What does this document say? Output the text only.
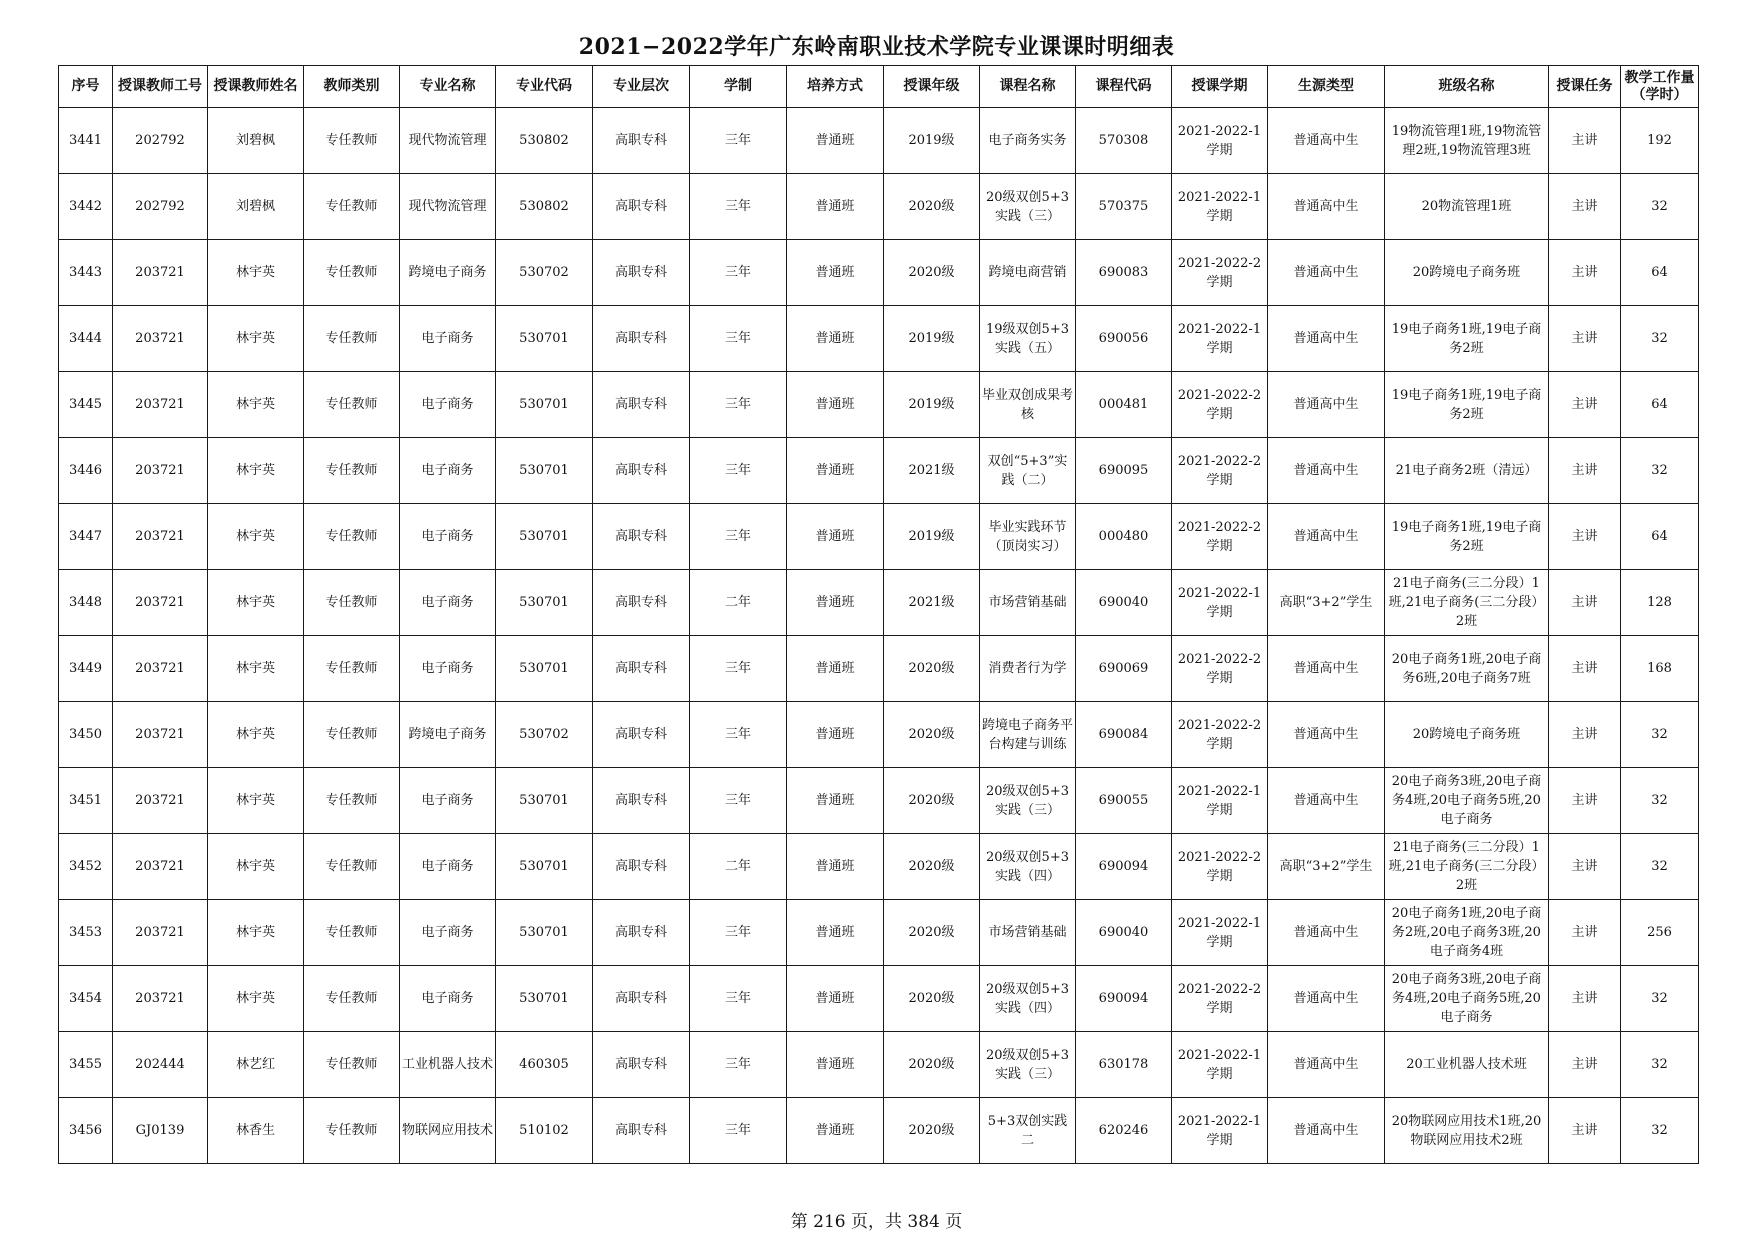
2021−2022学年广东岭南职业技术学院专业课课时明细表
序号	授课教师工号	授课教师姓名	教师类别	专业名称	专业代码	专业层次	学制	培养方式	授课年级	课程名称	课程代码	授课学期	生源类型	班级名称	授课任务	教学工作量（学时）

3441	202792	刘碧枫	专任教师	现代物流管理	530802	高职专科	三年	普通班	2019级	电子商务实务	570308	2021-2022-1学期	普通高中生	19物流管理1班,19物流管理2班,19物流管理3班	主讲	192

3442	202792	刘碧枫	专任教师	现代物流管理	530802	高职专科	三年	普通班	2020级	20级双创5+3实践（三）	570375	2021-2022-1学期	普通高中生	20物流管理1班	主讲	32

3443	203721	林宇英	专任教师	跨境电子商务	530702	高职专科	三年	普通班	2020级	跨境电商营销	690083	2021-2022-2学期	普通高中生	20跨境电子商务班	主讲	64

3444	203721	林宇英	专任教师	电子商务	530701	高职专科	三年	普通班	2019级	19级双创5+3实践（五）	690056	2021-2022-1学期	普通高中生	19电子商务1班,19电子商务2班	主讲	32

3445	203721	林宇英	专任教师	电子商务	530701	高职专科	三年	普通班	2019级	毕业双创成果考核	000481	2021-2022-2学期	普通高中生	19电子商务1班,19电子商务2班	主讲	64

3446	203721	林宇英	专任教师	电子商务	530701	高职专科	三年	普通班	2021级	双创“5+3”实践（二）	690095	2021-2022-2学期	普通高中生	21电子商务2班（清远）	主讲	32

3447	203721	林宇英	专任教师	电子商务	530701	高职专科	三年	普通班	2019级	毕业实践环节（顶岗实习）	000480	2021-2022-2学期	普通高中生	19电子商务1班,19电子商务2班	主讲	64

3448	203721	林宇英	专任教师	电子商务	530701	高职专科	二年	普通班	2021级	市场营销基础	690040	2021-2022-1学期	高职“3+2”学生	21电子商务(三二分段）1班,21电子商务(三二分段）2班	主讲	128

3449	203721	林宇英	专任教师	电子商务	530701	高职专科	三年	普通班	2020级	消费者行为学	690069	2021-2022-2学期	普通高中生	20电子商务1班,20电子商务6班,20电子商务7班	主讲	168

3450	203721	林宇英	专任教师	跨境电子商务	530702	高职专科	三年	普通班	2020级	跨境电子商务平台构建与训练	690084	2021-2022-2学期	普通高中生	20跨境电子商务班	主讲	32

3451	203721	林宇英	专任教师	电子商务	530701	高职专科	三年	普通班	2020级	20级双创5+3实践（三）	690055	2021-2022-1学期	普通高中生	20电子商务3班,20电子商务4班,20电子商务5班,20电子商务	主讲	32

3452	203721	林宇英	专任教师	电子商务	530701	高职专科	二年	普通班	2020级	20级双创5+3实践（四）	690094	2021-2022-2学期	高职“3+2”学生	21电子商务(三二分段）1班,21电子商务(三二分段）2班	主讲	32

3453	203721	林宇英	专任教师	电子商务	530701	高职专科	三年	普通班	2020级	市场营销基础	690040	2021-2022-1学期	普通高中生	20电子商务1班,20电子商务2班,20电子商务3班,20电子商务4班	主讲	256

3454	203721	林宇英	专任教师	电子商务	530701	高职专科	三年	普通班	2020级	20级双创5+3实践（四）	690094	2021-2022-2学期	普通高中生	20电子商务3班,20电子商务4班,20电子商务5班,20电子商务	主讲	32

3455	202444	林艺红	专任教师	工业机器人技术	460305	高职专科	三年	普通班	2020级	20级双创5+3实践（三）	630178	2021-2022-1学期	普通高中生	20工业机器人技术班	主讲	32

3456	GJ0139	林香生	专任教师	物联网应用技术	510102	高职专科	三年	普通班	2020级	5+3双创实践二	620246	2021-2022-1学期	普通高中生	20物联网应用技术1班,20物联网应用技术2班	主讲	32
第 216 页，共 384 页
